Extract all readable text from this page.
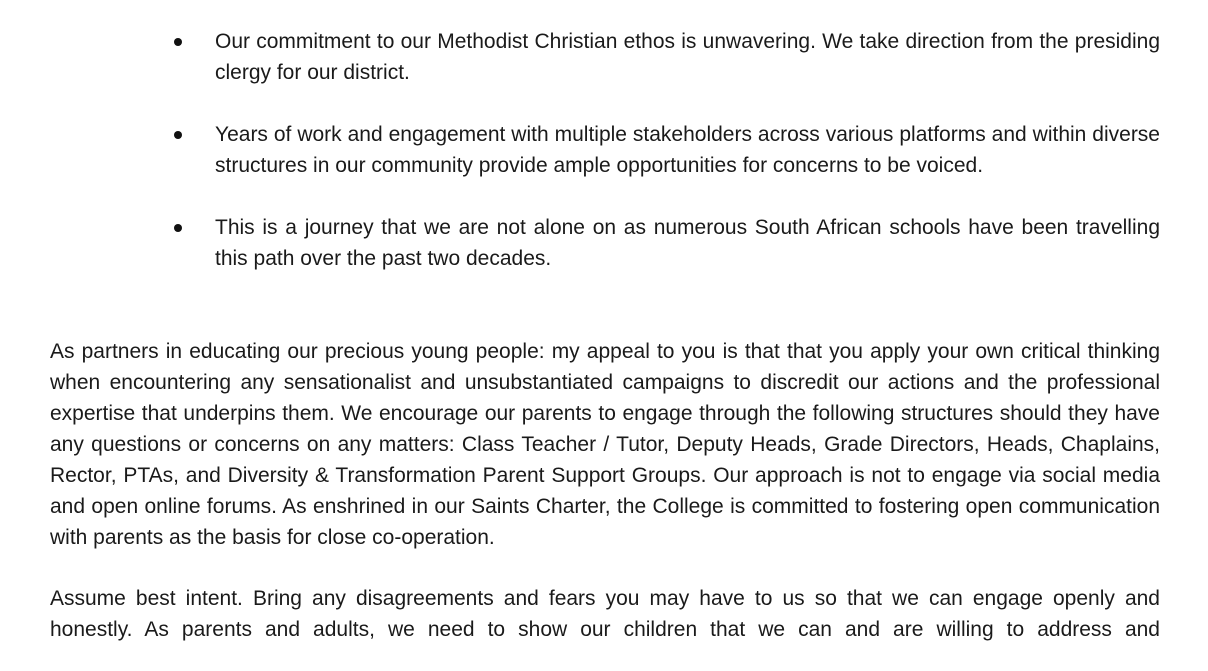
Our commitment to our Methodist Christian ethos is unwavering. We take direction from the presiding clergy for our district.
Years of work and engagement with multiple stakeholders across various platforms and within diverse structures in our community provide ample opportunities for concerns to be voiced.
This is a journey that we are not alone on as numerous South African schools have been travelling this path over the past two decades.

As partners in educating our precious young people: my appeal to you is that that you apply your own critical thinking when encountering any sensationalist and unsubstantiated campaigns to discredit our actions and the professional expertise that underpins them. We encourage our parents to engage through the following structures should they have any questions or concerns on any matters: Class Teacher / Tutor, Deputy Heads, Grade Directors, Heads, Chaplains, Rector, PTAs, and Diversity & Transformation Parent Support Groups. Our approach is not to engage via social media and open online forums. As enshrined in our Saints Charter, the College is committed to fostering open communication with parents as the basis for close co-operation.

Assume best intent. Bring any disagreements and fears you may have to us so that we can engage openly and honestly. As parents and adults, we need to show our children that we can and are willing to address and
